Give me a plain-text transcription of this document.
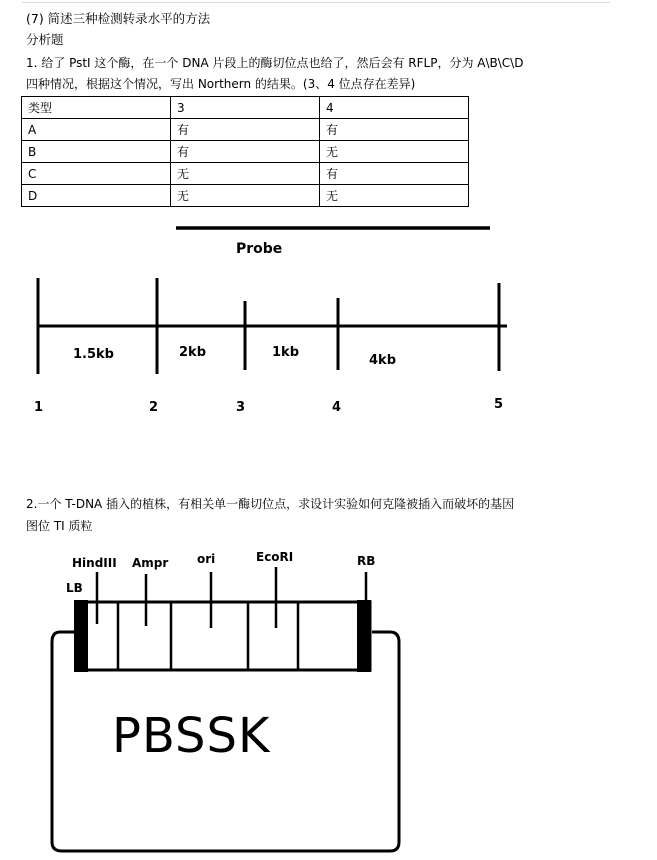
(7) 简述三种检测转录水平的方法
分析题
1. 给了 PstI 这个酶，在一个 DNA 片段上的酶切位点也给了，然后会有 RFLP，分为 A\B\C\D
四种情况，根据这个情况，写出 Northern 的结果。(3、4 位点存在差异)
类型	3	4
A	有	有
B	有	无
C	无	有
D	无	无
Probe
1.5kb	2kb	1kb
4kb
1	2	3	4	5
2.一个 T-DNA 插入的植株，有相关单一酶切位点，求设计实验如何克隆被插入而破坏的基因
图位 TI 质粒
LB
HindIII Ampr ori	EcoRI	RB
PBSSK
